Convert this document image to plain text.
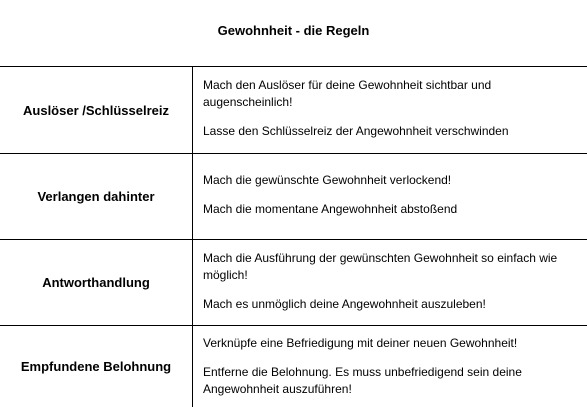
Gewohnheit - die Regeln
Auslöser /Schlüsselreiz

Mach den Auslöser für deine Gewohnheit sichtbar und augenscheinlich!

Lasse den Schlüsselreiz der Angewohnheit verschwinden

Verlangen dahinter

Mach die gewünschte Gewohnheit verlockend!

Mach die momentane Angewohnheit abstoßend

Antworthandlung

Mach die Ausführung der gewünschten Gewohnheit so einfach wie möglich!

Mach es unmöglich deine Angewohnheit auszuleben!

Empfundene Belohnung

Verknüpfe eine Befriedigung mit deiner neuen Gewohnheit!

Entferne die Belohnung. Es muss unbefriedigend sein deine Angewohnheit auszuführen!
